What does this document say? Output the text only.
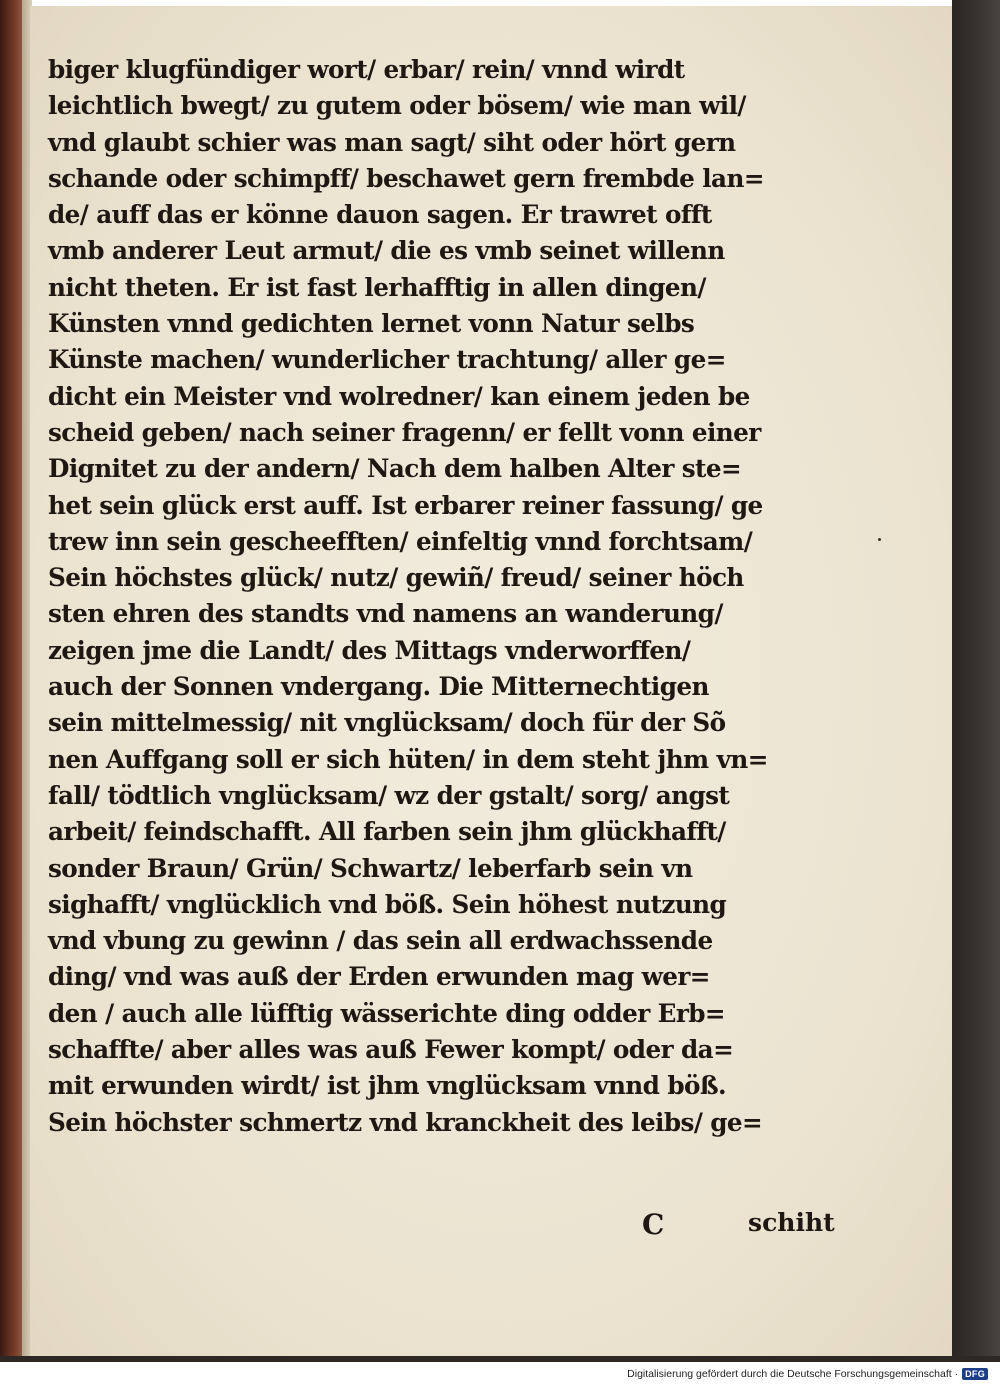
biger klugfündiger wort/ erbar/ rein/ vnnd wirdt
leichtlich bwegt/ zu gutem oder bösem/ wie man wil/
vnd glaubt schier was man sagt/ siht oder hört gern
schande oder schimpff/ beschawet gern frembde lan=
de/ auff das er könne dauon sagen. Er trawret offt
vmb anderer Leut armut/ die es vmb seinet willenn
nicht theten. Er ist fast lerhafftig in allen dingen/
Künsten vnnd gedichten lernet vonn Natur selbs
Künste machen/ wunderlicher trachtung/ aller ge=
dicht ein Meister vnd wolredner/ kan einem jeden be
scheid geben/ nach seiner fragenn/ er fellt vonn einer
Dignitet zu der andern/ Nach dem halben Alter ste=
het sein glück erst auff. Ist erbarer reiner fassung/ ge
trew inn sein gescheefften/ einfeltig vnnd forchtsam/
Sein höchstes glück/ nutz/ gewiñ/ freud/ seiner höch
sten ehren des standts vnd namens an wanderung/
zeigen jme die Landt/ des Mittags vnderworffen/
auch der Sonnen vndergang. Die Mitternechtigen
sein mittelmessig/ nit vnglücksam/ doch für der Sõ
nen Auffgang soll er sich hüten/ in dem steht jhm vn=
fall/ tödtlich vnglücksam/ wz der gstalt/ sorg/ angst
arbeit/ feindschafft. All farben sein jhm glückhafft/
sonder Braun/ Grün/ Schwartz/ leberfarb sein vn
sighafft/ vnglücklich vnd böß. Sein höhest nutzung
vnd vbung zu gewinn / das sein all erdwachssende
ding/ vnd was auß der Erden erwunden mag wer=
den / auch alle lüfftig wässerichte ding odder Erb=
schaffte/ aber alles was auß Fewer kompt/ oder da=
mit erwunden wirdt/ ist jhm vnglücksam vnnd böß.
Sein höchster schmertz vnd kranckheit des leibs/ ge=
C	schiht
Digitalisierung gefördert durch die Deutsche Forschungsgemeinschaft · DFG
